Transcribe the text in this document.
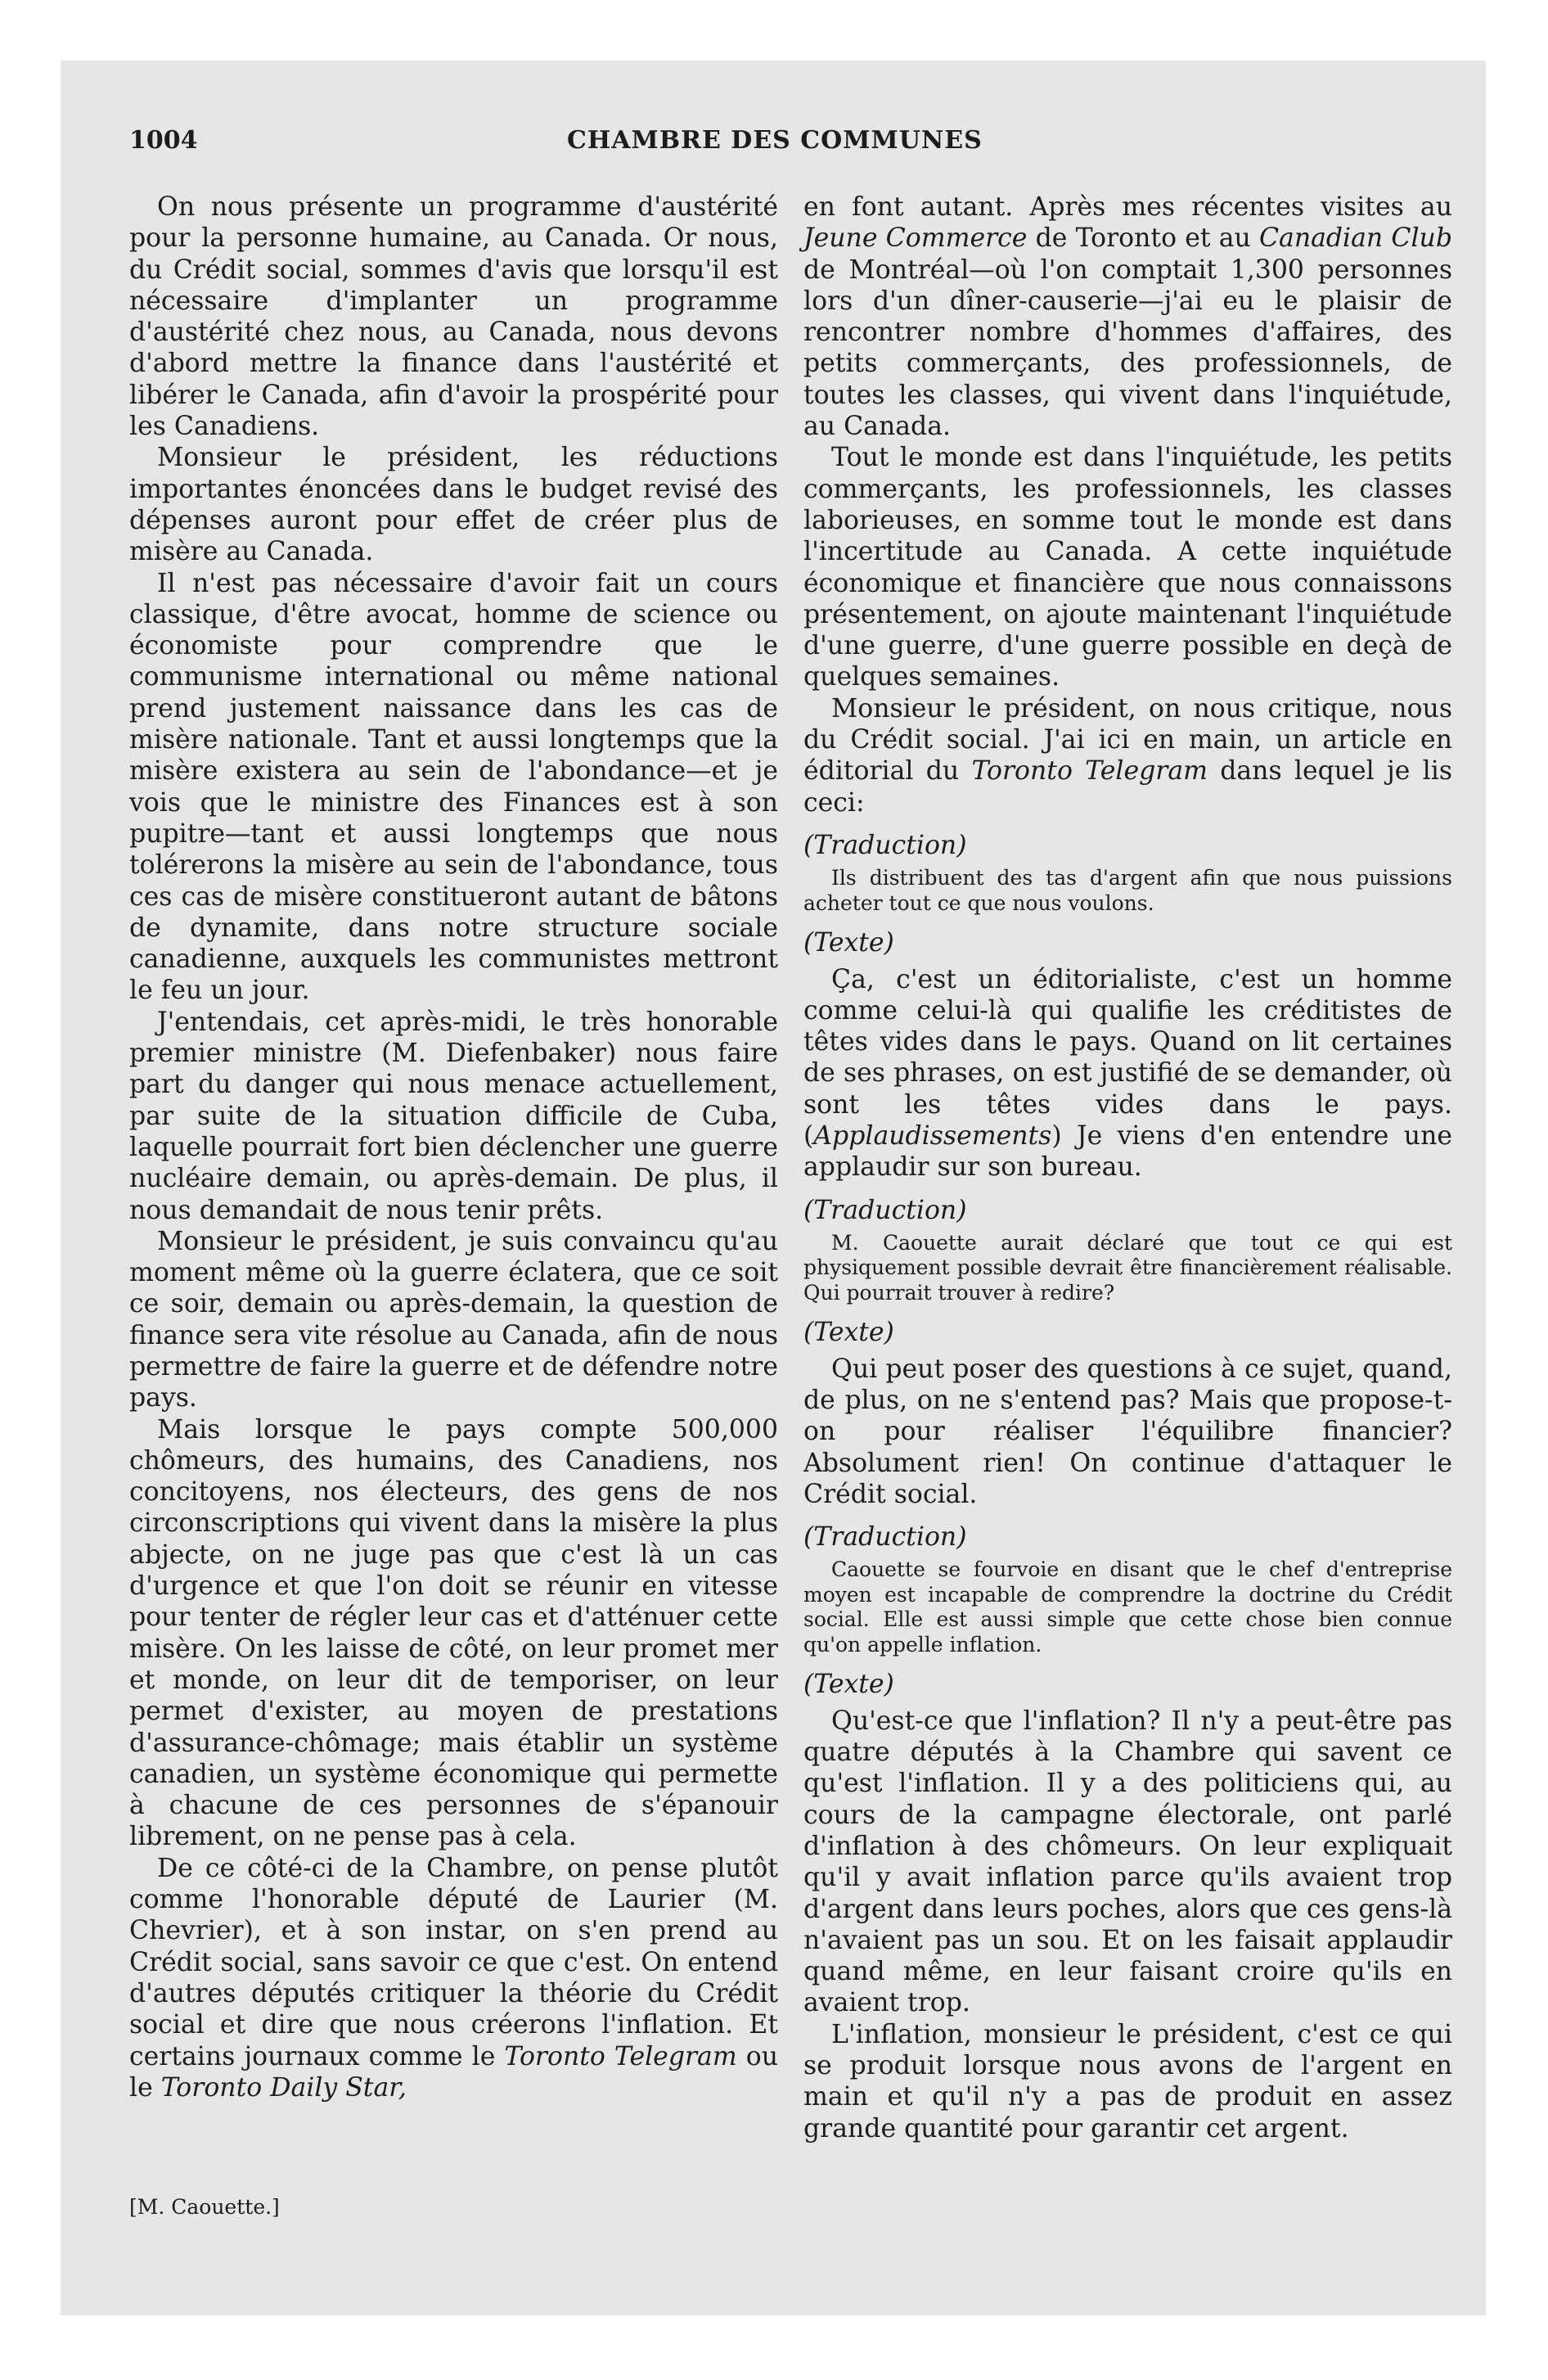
1004	CHAMBRE DES COMMUNES

On nous présente un programme d'austérité pour la personne humaine, au Canada. Or nous, du Crédit social, sommes d'avis que lorsqu'il est nécessaire d'implanter un programme d'austérité chez nous, au Canada, nous devons d'abord mettre la finance dans l'austérité et libérer le Canada, afin d'avoir la prospérité pour les Canadiens.

Monsieur le président, les réductions importantes énoncées dans le budget revisé des dépenses auront pour effet de créer plus de misère au Canada.

Il n'est pas nécessaire d'avoir fait un cours classique, d'être avocat, homme de science ou économiste pour comprendre que le communisme international ou même national prend justement naissance dans les cas de misère nationale. Tant et aussi longtemps que la misère existera au sein de l'abondance—et je vois que le ministre des Finances est à son pupitre—tant et aussi longtemps que nous tolérerons la misère au sein de l'abondance, tous ces cas de misère constitueront autant de bâtons de dynamite, dans notre structure sociale canadienne, auxquels les communistes mettront le feu un jour.

J'entendais, cet après-midi, le très honorable premier ministre (M. Diefenbaker) nous faire part du danger qui nous menace actuellement, par suite de la situation difficile de Cuba, laquelle pourrait fort bien déclencher une guerre nucléaire demain, ou après-demain. De plus, il nous demandait de nous tenir prêts.

Monsieur le président, je suis convaincu qu'au moment même où la guerre éclatera, que ce soit ce soir, demain ou après-demain, la question de finance sera vite résolue au Canada, afin de nous permettre de faire la guerre et de défendre notre pays.

Mais lorsque le pays compte 500,000 chômeurs, des humains, des Canadiens, nos concitoyens, nos électeurs, des gens de nos circonscriptions qui vivent dans la misère la plus abjecte, on ne juge pas que c'est là un cas d'urgence et que l'on doit se réunir en vitesse pour tenter de régler leur cas et d'atténuer cette misère. On les laisse de côté, on leur promet mer et monde, on leur dit de temporiser, on leur permet d'exister, au moyen de prestations d'assurance-chômage; mais établir un système canadien, un système économique qui permette à chacune de ces personnes de s'épanouir librement, on ne pense pas à cela.

De ce côté-ci de la Chambre, on pense plutôt comme l'honorable député de Laurier (M. Chevrier), et à son instar, on s'en prend au Crédit social, sans savoir ce que c'est. On entend d'autres députés critiquer la théorie du Crédit social et dire que nous créerons l'inflation. Et certains journaux comme le Toronto Telegram ou le Toronto Daily Star,

[M. Caouette.]

en font autant. Après mes récentes visites au Jeune Commerce de Toronto et au Canadian Club de Montréal—où l'on comptait 1,300 personnes lors d'un dîner-causerie—j'ai eu le plaisir de rencontrer nombre d'hommes d'affaires, des petits commerçants, des professionnels, de toutes les classes, qui vivent dans l'inquiétude, au Canada.

Tout le monde est dans l'inquiétude, les petits commerçants, les professionnels, les classes laborieuses, en somme tout le monde est dans l'incertitude au Canada. A cette inquiétude économique et financière que nous connaissons présentement, on ajoute maintenant l'inquiétude d'une guerre, d'une guerre possible en deçà de quelques semaines.

Monsieur le président, on nous critique, nous du Crédit social. J'ai ici en main, un article en éditorial du Toronto Telegram dans lequel je lis ceci:

(Traduction)

Ils distribuent des tas d'argent afin que nous puissions acheter tout ce que nous voulons.

(Texte)

Ça, c'est un éditorialiste, c'est un homme comme celui-là qui qualifie les créditistes de têtes vides dans le pays. Quand on lit certaines de ses phrases, on est justifié de se demander, où sont les têtes vides dans le pays. (Applaudissements) Je viens d'en entendre une applaudir sur son bureau.

(Traduction)

M. Caouette aurait déclaré que tout ce qui est physiquement possible devrait être financièrement réalisable. Qui pourrait trouver à redire?

(Texte)

Qui peut poser des questions à ce sujet, quand, de plus, on ne s'entend pas? Mais que propose-t-on pour réaliser l'équilibre financier? Absolument rien! On continue d'attaquer le Crédit social.

(Traduction)

Caouette se fourvoie en disant que le chef d'entreprise moyen est incapable de comprendre la doctrine du Crédit social. Elle est aussi simple que cette chose bien connue qu'on appelle inflation.

(Texte)

Qu'est-ce que l'inflation? Il n'y a peut-être pas quatre députés à la Chambre qui savent ce qu'est l'inflation. Il y a des politiciens qui, au cours de la campagne électorale, ont parlé d'inflation à des chômeurs. On leur expliquait qu'il y avait inflation parce qu'ils avaient trop d'argent dans leurs poches, alors que ces gens-là n'avaient pas un sou. Et on les faisait applaudir quand même, en leur faisant croire qu'ils en avaient trop.

L'inflation, monsieur le président, c'est ce qui se produit lorsque nous avons de l'argent en main et qu'il n'y a pas de produit en assez grande quantité pour garantir cet argent.
